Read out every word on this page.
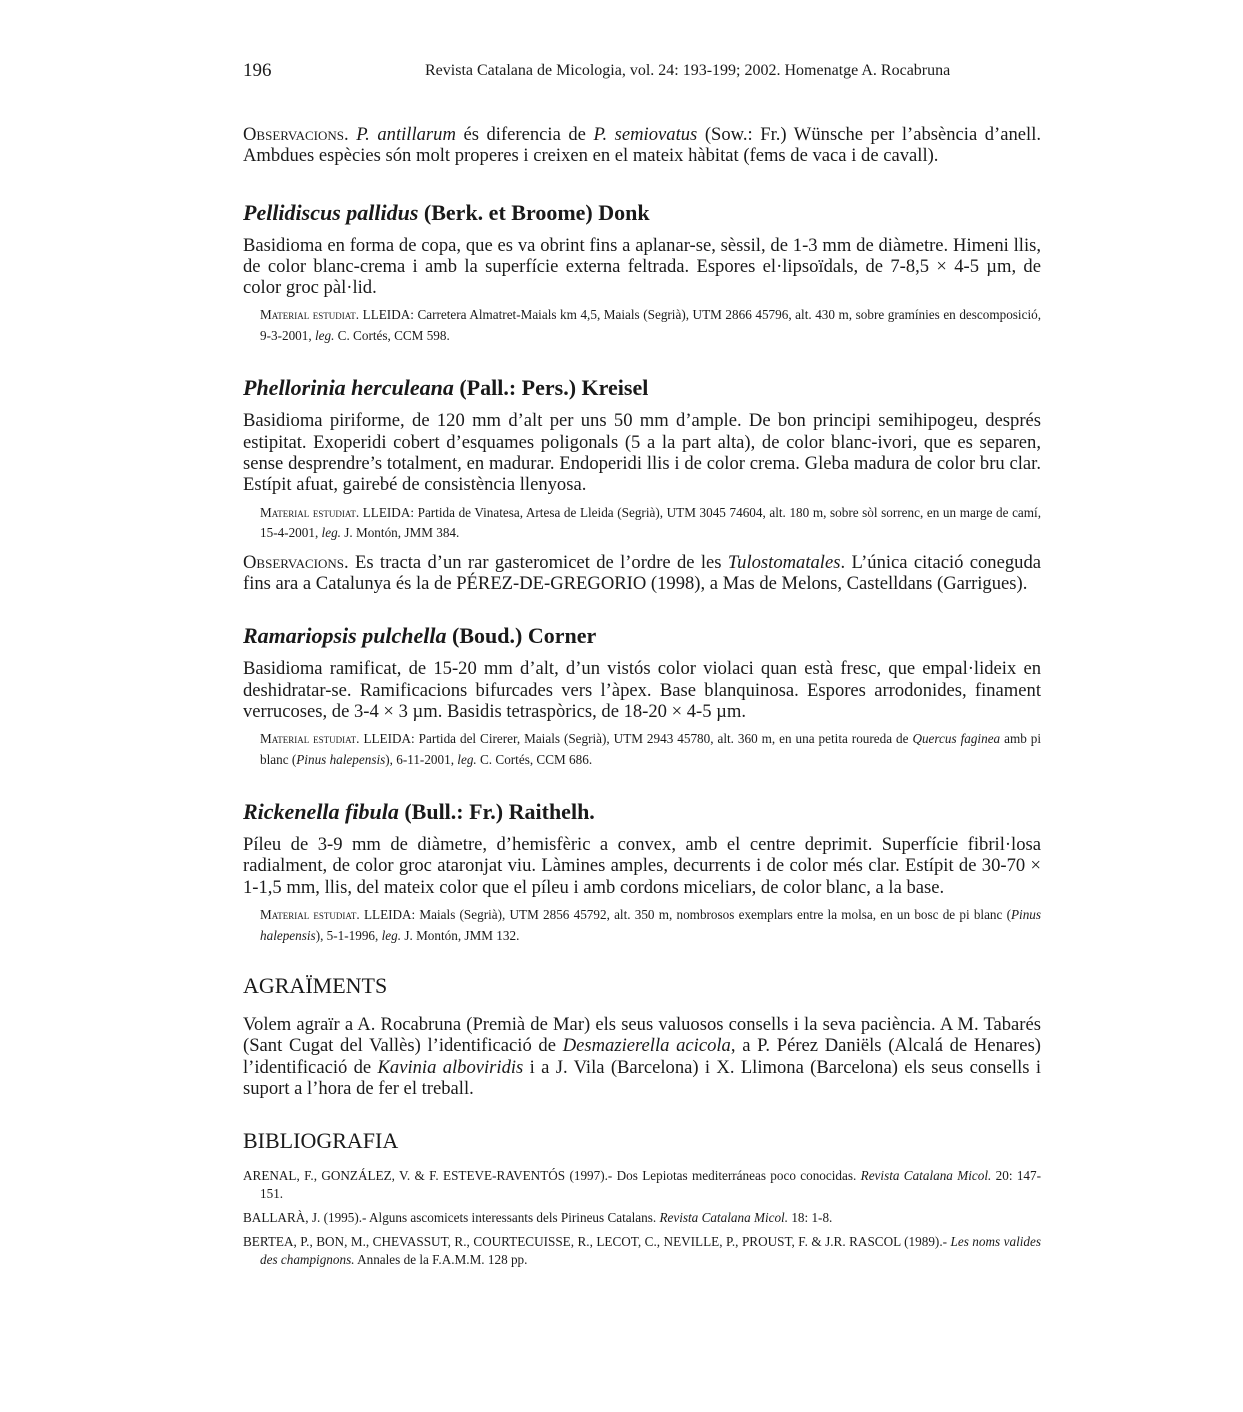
196	Revista Catalana de Micologia, vol. 24: 193-199; 2002. Homenatge A. Rocabruna

Observacions. P. antillarum és diferencia de P. semiovatus (Sow.: Fr.) Wünsche per l’absència d’anell. Ambdues espècies són molt properes i creixen en el mateix hàbitat (fems de vaca i de cavall).

Pellidiscus pallidus (Berk. et Broome) Donk

Basidioma en forma de copa, que es va obrint fins a aplanar-se, sèssil, de 1-3 mm de diàmetre. Himeni llis, de color blanc-crema i amb la superfície externa feltrada. Espores el·lipsoïdals, de 7-8,5 × 4-5 µm, de color groc pàl·lid.

Material estudiat. LLEIDA: Carretera Almatret-Maials km 4,5, Maials (Segrià), UTM 2866 45796, alt. 430 m, sobre gramínies en descomposició, 9-3-2001, leg. C. Cortés, CCM 598.

Phellorinia herculeana (Pall.: Pers.) Kreisel

Basidioma piriforme, de 120 mm d’alt per uns 50 mm d’ample. De bon principi semihipogeu, després estipitat. Exoperidi cobert d’esquames poligonals (5 a la part alta), de color blanc-ivori, que es separen, sense desprendre’s totalment, en madurar. Endoperidi llis i de color crema. Gleba madura de color bru clar. Estípit afuat, gairebé de consistència llenyosa.

Material estudiat. LLEIDA: Partida de Vinatesa, Artesa de Lleida (Segrià), UTM 3045 74604, alt. 180 m, sobre sòl sorrenc, en un marge de camí, 15-4-2001, leg. J. Montón, JMM 384.

Observacions. Es tracta d’un rar gasteromicet de l’ordre de les Tulostomatales. L’única citació coneguda fins ara a Catalunya és la de PÉREZ-DE-GREGORIO (1998), a Mas de Melons, Castelldans (Garrigues).

Ramariopsis pulchella (Boud.) Corner

Basidioma ramificat, de 15-20 mm d’alt, d’un vistós color violaci quan està fresc, que empal·lideix en deshidratar-se. Ramificacions bifurcades vers l’àpex. Base blanquinosa. Espores arrodonides, finament verrucoses, de 3-4 × 3 µm. Basidis tetraspòrics, de 18-20 × 4-5 µm.

Material estudiat. LLEIDA: Partida del Cirerer, Maials (Segrià), UTM 2943 45780, alt. 360 m, en una petita roureda de Quercus faginea amb pi blanc (Pinus halepensis), 6-11-2001, leg. C. Cortés, CCM 686.

Rickenella fibula (Bull.: Fr.) Raithelh.

Píleu de 3-9 mm de diàmetre, d’hemisfèric a convex, amb el centre deprimit. Superfície fibril·losa radialment, de color groc ataronjat viu. Làmines amples, decurrents i de color més clar. Estípit de 30-70 × 1-1,5 mm, llis, del mateix color que el píleu i amb cordons miceliars, de color blanc, a la base.

Material estudiat. LLEIDA: Maials (Segrià), UTM 2856 45792, alt. 350 m, nombrosos exemplars entre la molsa, en un bosc de pi blanc (Pinus halepensis), 5-1-1996, leg. J. Montón, JMM 132.

AGRAÏMENTS

Volem agraïr a A. Rocabruna (Premià de Mar) els seus valuosos consells i la seva paciència. A M. Tabarés (Sant Cugat del Vallès) l’identificació de Desmazierella acicola, a P. Pérez Daniëls (Alcalá de Henares) l’identificació de Kavinia alboviridis i a J. Vila (Barcelona) i X. Llimona (Barcelona) els seus consells i suport a l’hora de fer el treball.

BIBLIOGRAFIA

ARENAL, F., GONZÁLEZ, V. & F. ESTEVE-RAVENTÓS (1997).- Dos Lepiotas mediterráneas poco conocidas. Revista Catalana Micol. 20: 147-151.

BALLARÀ, J. (1995).- Alguns ascomicets interessants dels Pirineus Catalans. Revista Catalana Micol. 18: 1-8.

BERTEA, P., BON, M., CHEVASSUT, R., COURTECUISSE, R., LECOT, C., NEVILLE, P., PROUST, F. & J.R. RASCOL (1989).- Les noms valides des champignons. Annales de la F.A.M.M. 128 pp.
